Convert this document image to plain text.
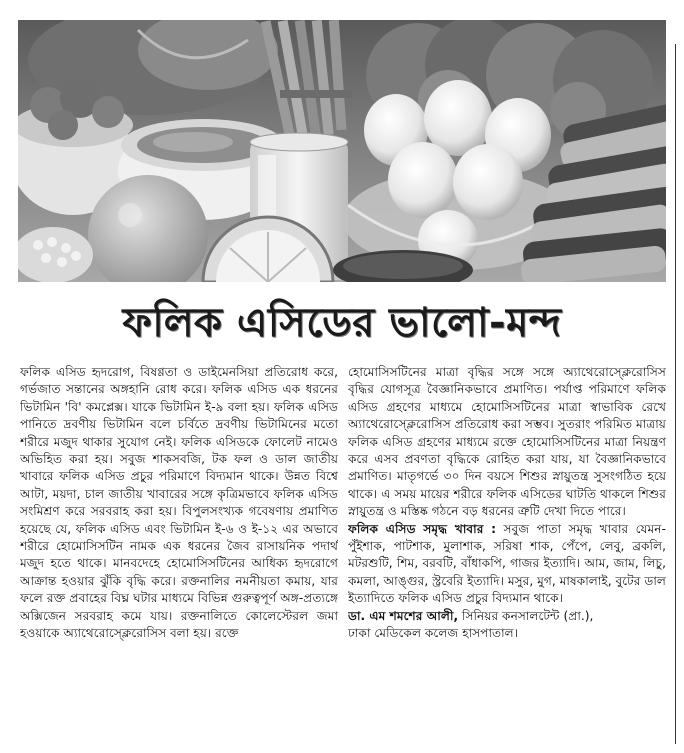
ফলিক এসিডের ভালো-মন্দ

ফলিক এসিড হৃদরোগ, বিষণ্ণতা ও ডাইমেনসিয়া প্রতিরোধ করে, গর্ভজাত সন্তানের অঙ্গহানি রোধ করে। ফলিক এসিড এক ধরনের ভিটামিন 'বি' কমপ্লেক্স। যাকে ভিটামিন ই-৯ বলা হয়। ফলিক এসিড পানিতে দ্রবণীয় ভিটামিন বলে চর্বিতে দ্রবণীয় ভিটামিনের মতো শরীরে মজুদ থাকার সুযোগ নেই। ফলিক এসিডকে ফোলেট নামেও অভিহিত করা হয়। সবুজ শাকসবজি, টক ফল ও ডাল জাতীয় খাবারে ফলিক এসিড প্রচুর পরিমাণে বিদ্যমান থাকে। উন্নত বিশ্বে আটা, ময়দা, চাল জাতীয় খাবারের সঙ্গে কৃত্রিমভাবে ফলিক এসিড সংমিশ্রণ করে সরবরাহ করা হয়। বিপুলসংখ্যক গবেষণায় প্রমাণিত হয়েছে যে, ফলিক এসিড এবং ভিটামিন ই-৬ ও ই-১২ এর অভাবে শরীরে হোমোসিসটিন নামক এক ধরনের জৈব রাসায়নিক পদার্থ মজুদ হতে থাকে। মানবদেহে হোমোসিসটিনের আধিক্য হৃদরোগে আক্রান্ত হওয়ার ঝুঁকি বৃদ্ধি করে। রক্তনালির নমনীয়তা কমায়, যার ফলে রক্ত প্রবাহের বিঘ্ন ঘটার মাধ্যমে বিভিন্ন গুরুত্বপূর্ণ অঙ্গ-প্রত্যঙ্গে অক্সিজেন সরবরাহ কমে যায়। রক্তনালিতে কোলেস্টেরল জমা হওয়াকে অ্যাথেরোস্ক্লেরোসিস বলা হয়। রক্তে

হোমোসিসটিনের মাত্রা বৃদ্ধির সঙ্গে সঙ্গে অ্যাথেরোস্ক্লেরোসিস বৃদ্ধির যোগসূত্র বৈজ্ঞানিকভাবে প্রমাণিত। পর্যাপ্ত পরিমাণে ফলিক এসিড গ্রহণের মাধ্যমে হোমোসিসটিনের মাত্রা স্বাভাবিক রেখে অ্যাথেরোস্ক্লেরোসিস প্রতিরোধ করা সম্ভব। সুতরাং পরিমিত মাত্রায় ফলিক এসিড গ্রহণের মাধ্যমে রক্তে হোমোসিসটিনের মাত্রা নিয়ন্ত্রণ করে এসব প্রবণতা বৃদ্ধিকে রোহিত করা যায়, যা বৈজ্ঞানিকভাবে প্রমাণিত। মাতৃগর্ভে ৩০ দিন বয়সে শিশুর স্নায়ুতন্ত্র সুসংগঠিত হয়ে থাকে। এ সময় মায়ের শরীরে ফলিক এসিডের ঘাটতি থাকলে শিশুর স্নায়ুতন্ত্র ও মস্তিষ্ক গঠনে বড় ধরনের ত্রুটি দেখা দিতে পারে।

ফলিক এসিড সমৃদ্ধ খাবার : সবুজ পাতা সমৃদ্ধ খাবার যেমন- পুঁইশাক, পাটশাক, মুলাশাক, সরিষা শাক, পেঁপে, লেবু, ব্রকলি, মটরশুটি, শিম, বরবটি, বাঁধাকপি, গাজর ইত্যাদি। আম, জাম, লিচু, কমলা, আঙ্গুর, স্ট্রবেরি ইত্যাদি। মসুর, মুগ, মাষকালাই, বুটের ডাল ইত্যাদিতে ফলিক এসিড প্রচুর বিদ্যমান থাকে।

ডা. এম শমশের আলী, সিনিয়র কনসালটেন্ট (প্রা.),
ঢাকা মেডিকেল কলেজ হাসপাতাল।
